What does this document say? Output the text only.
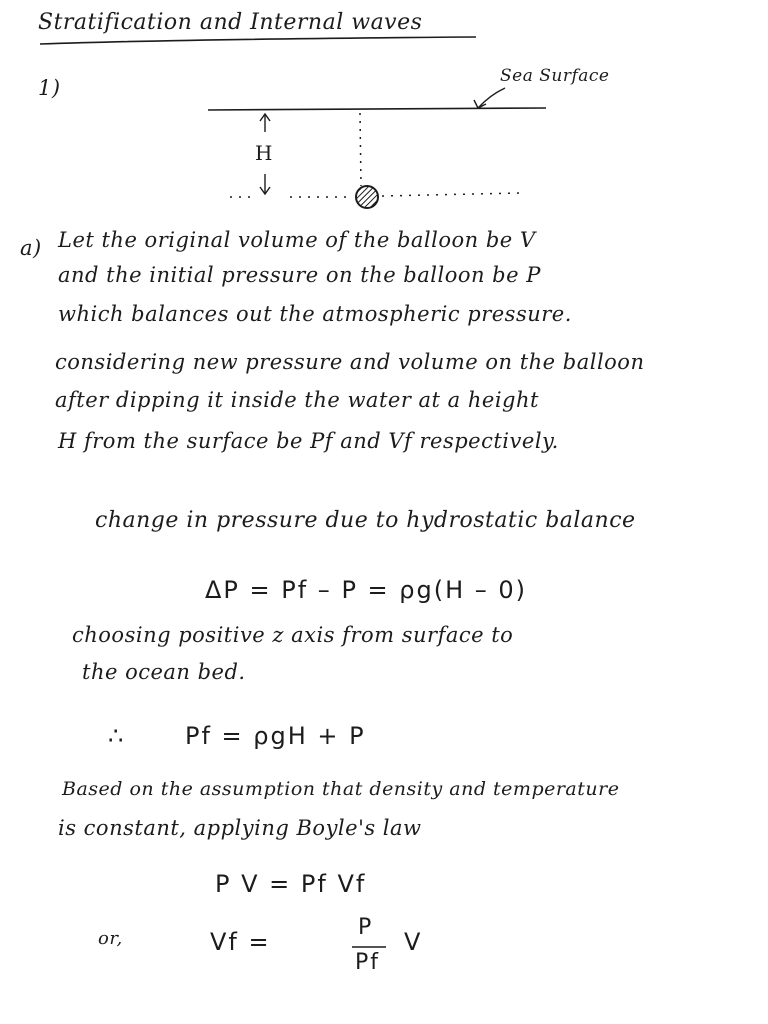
Stratification and Internal waves
1)	Sea Surface
H
a) Let the original volume of the balloon be V
and the initial pressure on the balloon be P
which balances out the atmospheric pressure.
considering new pressure and volume on the balloon
after dipping it inside the water at a height
H from the surface be Pf and Vf respectively.
change in pressure due to hydrostatic balance
ΔP = Pf – P = ρg(H – 0)
choosing positive z axis from surface to
the ocean bed.
∴ Pf = ρgH + P
Based on the assumption that density and temperature
is constant, applying Boyle's law
P V = Pf Vf
or,	Vf =
P
Pf
V
